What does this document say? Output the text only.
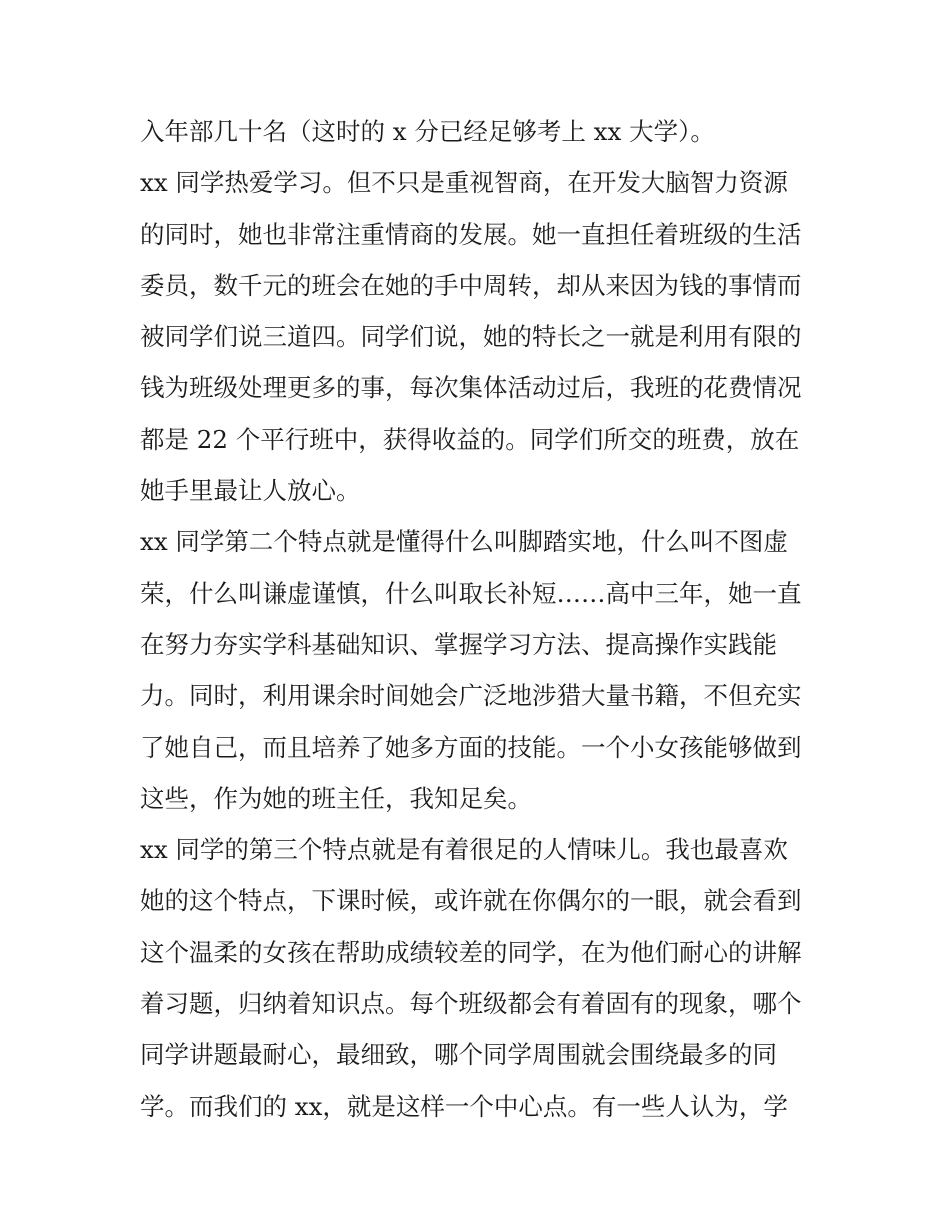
入年部几十名（这时的 x 分已经足够考上 xx 大学）。
xx 同学热爱学习。但不只是重视智商，在开发大脑智力资源
的同时，她也非常注重情商的发展。她一直担任着班级的生活
委员，数千元的班会在她的手中周转，却从来因为钱的事情而
被同学们说三道四。同学们说，她的特长之一就是利用有限的
钱为班级处理更多的事，每次集体活动过后，我班的花费情况
都是 22 个平行班中，获得收益的。同学们所交的班费，放在
她手里最让人放心。
xx 同学第二个特点就是懂得什么叫脚踏实地，什么叫不图虚
荣，什么叫谦虚谨慎，什么叫取长补短……高中三年，她一直
在努力夯实学科基础知识、掌握学习方法、提高操作实践能
力。同时，利用课余时间她会广泛地涉猎大量书籍，不但充实
了她自己，而且培养了她多方面的技能。一个小女孩能够做到
这些，作为她的班主任，我知足矣。
xx 同学的第三个特点就是有着很足的人情味儿。我也最喜欢
她的这个特点，下课时候，或许就在你偶尔的一眼，就会看到
这个温柔的女孩在帮助成绩较差的同学，在为他们耐心的讲解
着习题，归纳着知识点。每个班级都会有着固有的现象，哪个
同学讲题最耐心，最细致，哪个同学周围就会围绕最多的同
学。而我们的 xx，就是这样一个中心点。有一些人认为，学
